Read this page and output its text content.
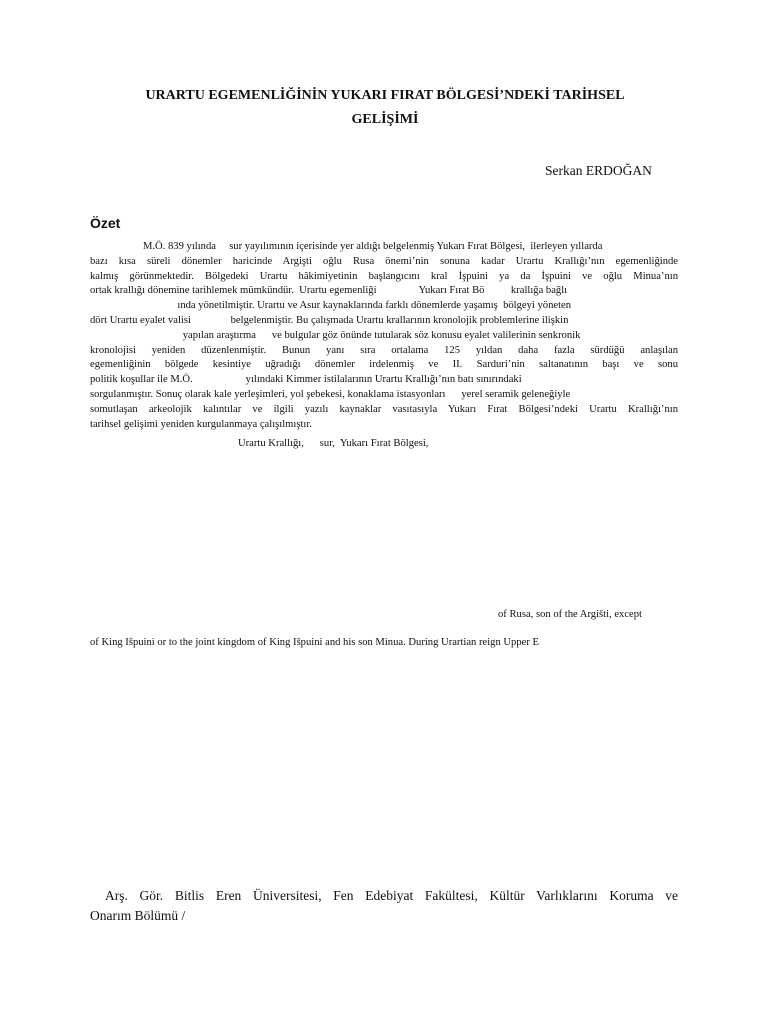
URARTU EGEMENLİĞİNİN YUKARI FIRAT BÖLGESİ’NDEKİ TARİHSEL
GELİŞİMİ
Serkan ERDOĞAN
Özet
M.Ö. 839 yılında     sur yayılımının içerisinde yer aldığı belgelenmiş Yukarı Fırat Bölgesi,  ilerleyen yıllarda
bazı kısa süreli dönemler haricinde Argişti oğlu Rusa önemi’nin sonuna kadar Urartu Krallığı’nın egemenliğinde
kalmış görünmektedir. Bölgedeki Urartu hâkimiyetinin başlangıcını kral İşpuini ya da İşpuini ve oğlu Minua’nın
ortak krallığı dönemine tarihlemek mümkündür.  Urartu egemenliği                Yukarı Fırat Bö          krallığa bağlı
ında yönetilmiştir. Urartu ve Asur kaynaklarında farklı dönemlerde yaşamış  bölgeyi yöneten
dört Urartu eyalet valisi               belgelenmiştir. Bu çalışmada Urartu krallarının kronolojik problemlerine ilişkin
yapılan araştırma      ve bulgular göz önünde tutularak söz konusu eyalet valilerinin senkronik
kronolojisi yeniden düzenlenmiştir. Bunun yanı sıra ortalama 125 yıldan daha fazla sürdüğü anlaşılan
egemenliğinin bölgede kesintiye uğradığı dönemler irdelenmiş ve II. Sarduri’nin saltanatının başı ve sonu
politik koşullar ile M.Ö.                    yılındaki Kimmer istilalarının Urartu Krallığı’nın batı sınırındaki
sorgulanmıştır. Sonuç olarak kale yerleşimleri, yol şebekesi, konaklama istasyonları      yerel seramik geleneğiyle
somutlaşan arkeolojik kalıntılar ve ilgili yazılı kaynaklar vasıtasıyla Yukarı Fırat Bölgesi’ndeki Urartu Krallığı’nın
tarihsel gelişimi yeniden kurgulanmaya çalışılmıştır.
Urartu Krallığı,      sur,  Yukarı Fırat Bölgesi,
of Rusa, son of the Argišti, except
of King Išpuini or to the joint kingdom of King Išpuini and his son Minua. During Urartian reign Upper E
Arş. Gör. Bitlis Eren Üniversitesi, Fen Edebiyat Fakültesi, Kültür Varlıklarını Koruma ve
Onarım Bölümü /
